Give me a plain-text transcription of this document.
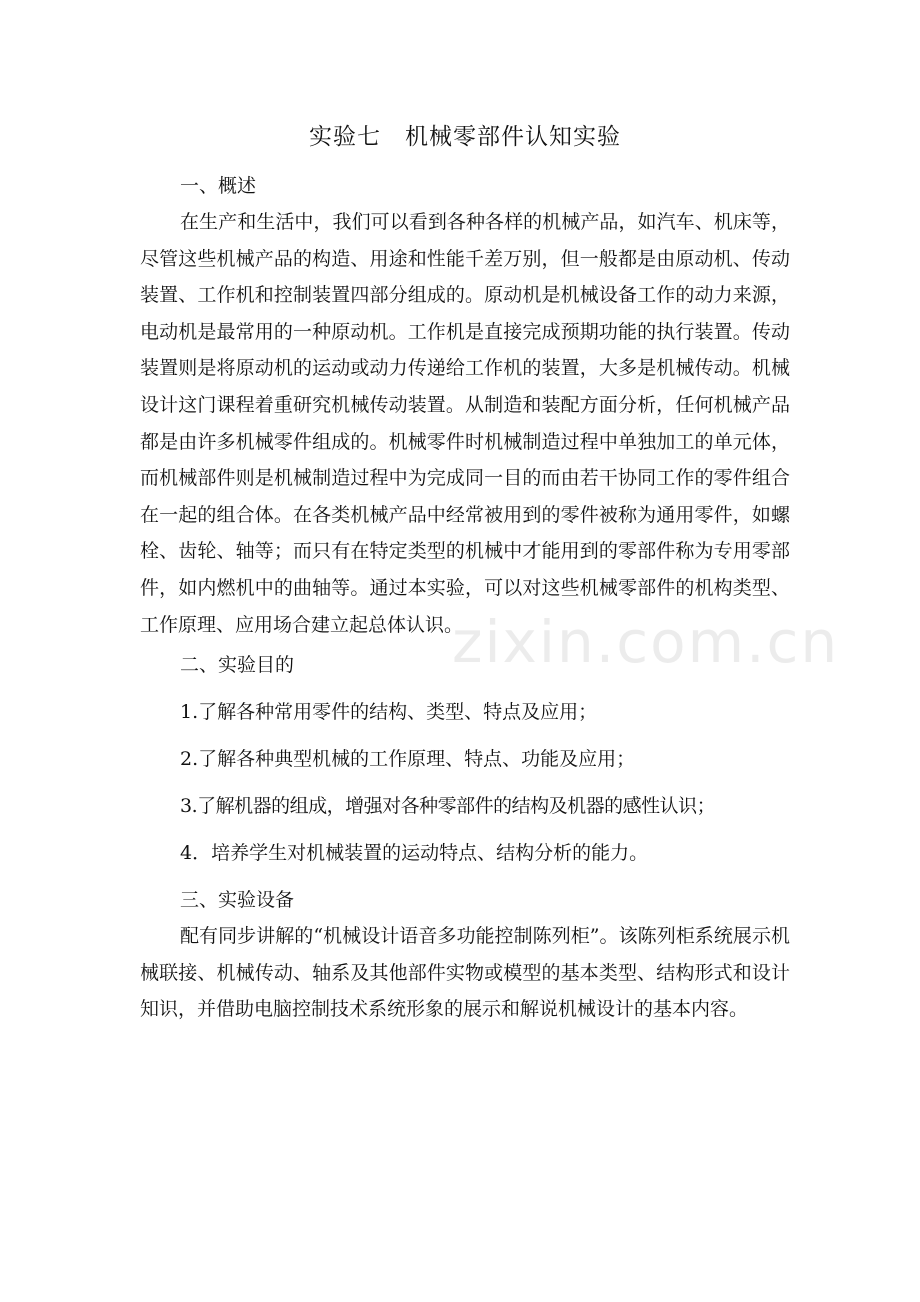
实验七　机械零部件认知实验
一、概述

在生产和生活中，我们可以看到各种各样的机械产品，如汽车、机床等，尽管这些机械产品的构造、用途和性能千差万别，但一般都是由原动机、传动装置、工作机和控制装置四部分组成的。原动机是机械设备工作的动力来源，电动机是最常用的一种原动机。工作机是直接完成预期功能的执行装置。传动装置则是将原动机的运动或动力传递给工作机的装置，大多是机械传动。机械设计这门课程着重研究机械传动装置。从制造和装配方面分析，任何机械产品都是由许多机械零件组成的。机械零件时机械制造过程中单独加工的单元体，而机械部件则是机械制造过程中为完成同一目的而由若干协同工作的零件组合在一起的组合体。在各类机械产品中经常被用到的零件被称为通用零件，如螺栓、齿轮、轴等；而只有在特定类型的机械中才能用到的零部件称为专用零部件，如内燃机中的曲轴等。通过本实验，可以对这些机械零部件的机构类型、工作原理、应用场合建立起总体认识。

二、实验目的
1.了解各种常用零件的结构、类型、特点及应用；
2.了解各种典型机械的工作原理、特点、功能及应用；
3.了解机器的组成，增强对各种零部件的结构及机器的感性认识；
4．培养学生对机械装置的运动特点、结构分析的能力。
三、实验设备

配有同步讲解的“机械设计语音多功能控制陈列柜”。该陈列柜系统展示机械联接、机械传动、轴系及其他部件实物或模型的基本类型、结构形式和设计知识，并借助电脑控制技术系统形象的展示和解说机械设计的基本内容。

zixin.com.cn
